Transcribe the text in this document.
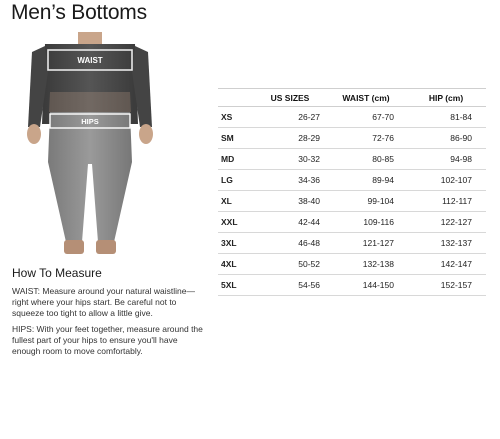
Men’s Bottoms
WAIST
HIPS
How To Measure

WAIST: Measure around your natural waistline—right where your hips start. Be careful not to squeeze too tight to allow a little give.

HIPS: With your feet together, measure around the fullest part of your hips to ensure you'll have enough room to move comfortably.

	US SIZES	WAIST (cm)	HIP (cm)
XS	26-27	67-70	81-84
SM	28-29	72-76	86-90
MD	30-32	80-85	94-98
LG	34-36	89-94	102-107
XL	38-40	99-104	112-117
XXL	42-44	109-116	122-127
3XL	46-48	121-127	132-137
4XL	50-52	132-138	142-147
5XL	54-56	144-150	152-157
